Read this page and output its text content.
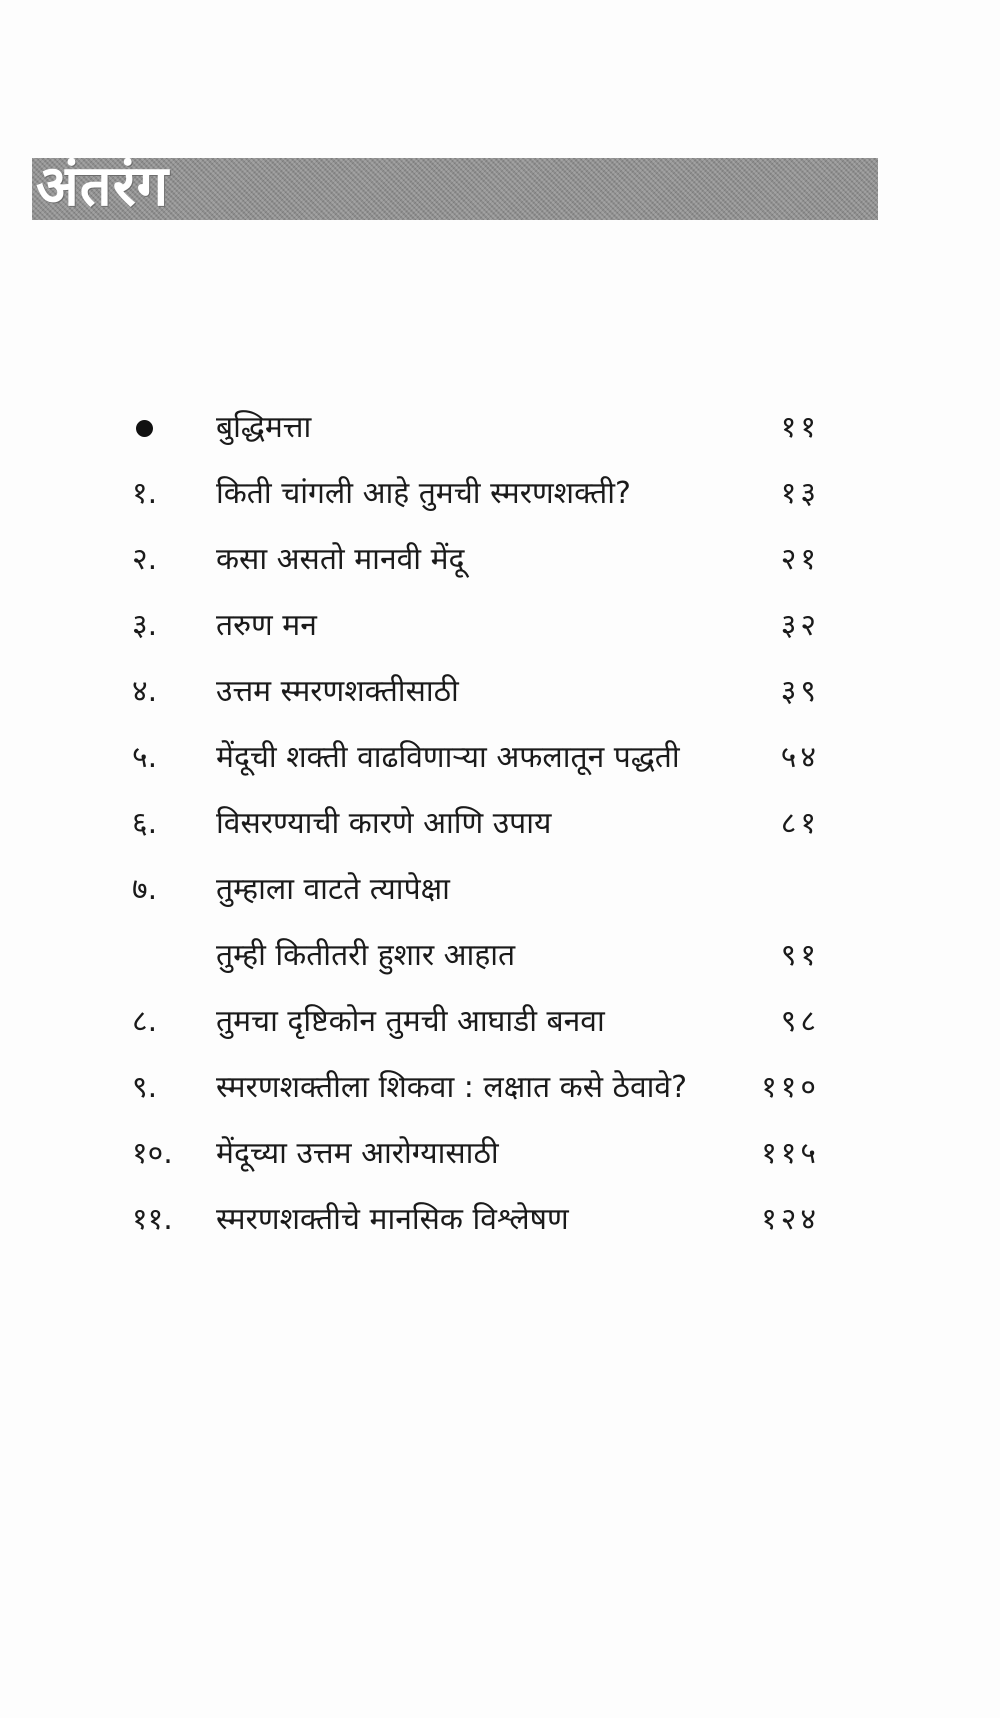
अंतरंग
बुद्धिमत्ता	११
१.	किती चांगली आहे तुमची स्मरणशक्ती?	१३
२.	कसा असतो मानवी मेंदू	२१
३.	तरुण मन	३२
४.	उत्तम स्मरणशक्तीसाठी	३९
५.	मेंदूची शक्ती वाढविणाऱ्या अफलातून पद्धती	५४
६.	विसरण्याची कारणे आणि उपाय	८१
७.	तुम्हाला वाटते त्यापेक्षा
तुम्ही कितीतरी हुशार आहात	९१
८.	तुमचा दृष्टिकोन तुमची आघाडी बनवा	९८
९.	स्मरणशक्तीला शिकवा : लक्षात कसे ठेवावे?	११०
१०.	मेंदूच्या उत्तम आरोग्यासाठी	११५
११.	स्मरणशक्तीचे मानसिक विश्लेषण	१२४
